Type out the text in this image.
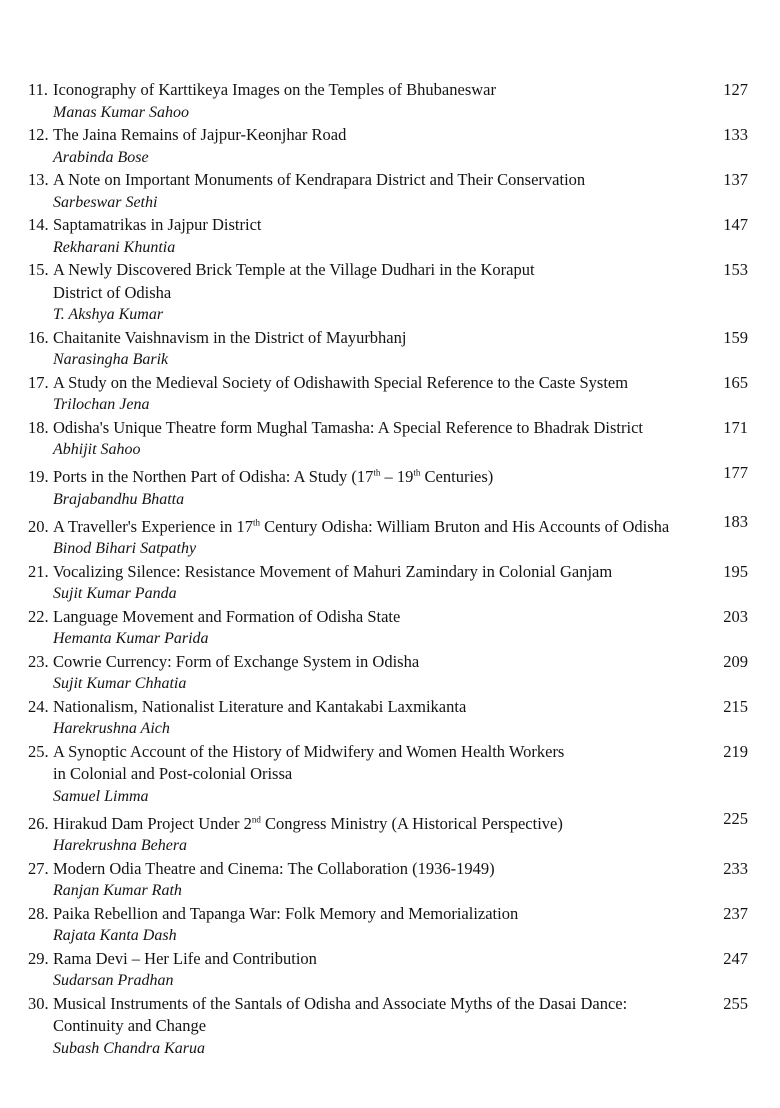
11. Iconography of Karttikeya Images on the Temples of Bhubaneswar
Manas Kumar Sahoo
127
12. The Jaina Remains of Jajpur-Keonjhar Road
Arabinda Bose
133
13. A Note on Important Monuments of Kendrapara District and Their Conservation
Sarbeswar Sethi
137
14. Saptamatrikas in Jajpur District
Rekharani Khuntia
147
15. A Newly Discovered Brick Temple at the Village Dudhari in the Koraput
District of Odisha
T. Akshya Kumar
153
16. Chaitanite Vaishnavism in the District of Mayurbhanj
Narasingha Barik
159
17. A Study on the Medieval Society of Odishawith Special Reference to the Caste System
Trilochan Jena
165
18. Odisha's Unique Theatre form Mughal Tamasha: A Special Reference to Bhadrak District
Abhijit Sahoo
171
19. Ports in the Northen Part of Odisha: A Study (17th – 19th Centuries)
Brajabandhu Bhatta
177
20. A Traveller's Experience in 17th Century Odisha: William Bruton and His Accounts of Odisha
Binod Bihari Satpathy
183
21. Vocalizing Silence: Resistance Movement of Mahuri Zamindary in Colonial Ganjam
Sujit Kumar Panda
195
22. Language Movement and Formation of Odisha State
Hemanta Kumar Parida
203
23. Cowrie Currency: Form of Exchange System in Odisha
Sujit Kumar Chhatia
209
24. Nationalism, Nationalist Literature and Kantakabi Laxmikanta
Harekrushna Aich
215
25. A Synoptic Account of the History of Midwifery and Women Health Workers
in Colonial and Post-colonial Orissa
Samuel Limma
219
26. Hirakud Dam Project Under 2nd Congress Ministry (A Historical Perspective)
Harekrushna Behera
225
27. Modern Odia Theatre and Cinema: The Collaboration (1936-1949)
Ranjan Kumar Rath
233
28. Paika Rebellion and Tapanga War: Folk Memory and Memorialization
Rajata Kanta Dash
237
29. Rama Devi – Her Life and Contribution
Sudarsan Pradhan
247
30. Musical Instruments of the Santals of Odisha and Associate Myths of the Dasai Dance:
Continuity and Change
Subash Chandra Karua
255
